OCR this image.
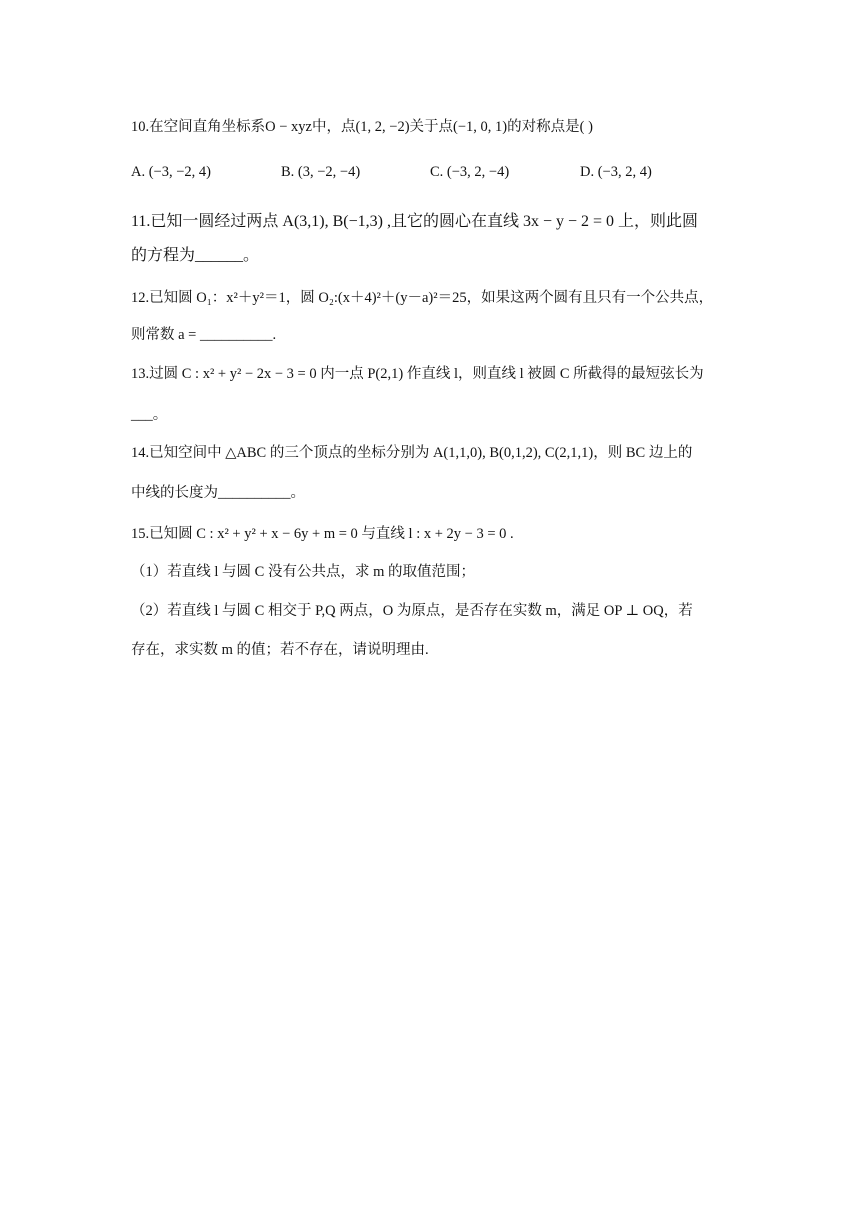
10.在空间直角坐标系O − xyz中，点(1, 2, −2)关于点(−1, 0, 1)的对称点是( )
A. (−3, −2, 4)	B. (3, −2, −4)	C. (−3, 2, −4)	D. (−3, 2, 4)
11.已知一圆经过两点 A(3,1), B(−1,3) ,且它的圆心在直线 3x − y − 2 = 0 上，则此圆
的方程为______。
12.已知圆 O₁：x²＋y²＝1，圆 O₂:(x＋4)²＋(y－a)²＝25，如果这两个圆有且只有一个公共点，
则常数 a = __________.
13.过圆 C : x² + y² − 2x − 3 = 0 内一点 P(2,1) 作直线 l，则直线 l 被圆 C 所截得的最短弦长为
___。
14.已知空间中 △ABC 的三个顶点的坐标分别为 A(1,1,0), B(0,1,2), C(2,1,1)，则 BC 边上的
中线的长度为__________。
15.已知圆 C : x² + y² + x − 6y + m = 0 与直线 l : x + 2y − 3 = 0 .
（1）若直线 l 与圆 C 没有公共点，求 m 的取值范围；
（2）若直线 l 与圆 C 相交于 P,Q 两点，O 为原点，是否存在实数 m，满足 OP ⊥ OQ，若
存在，求实数 m 的值；若不存在，请说明理由.
